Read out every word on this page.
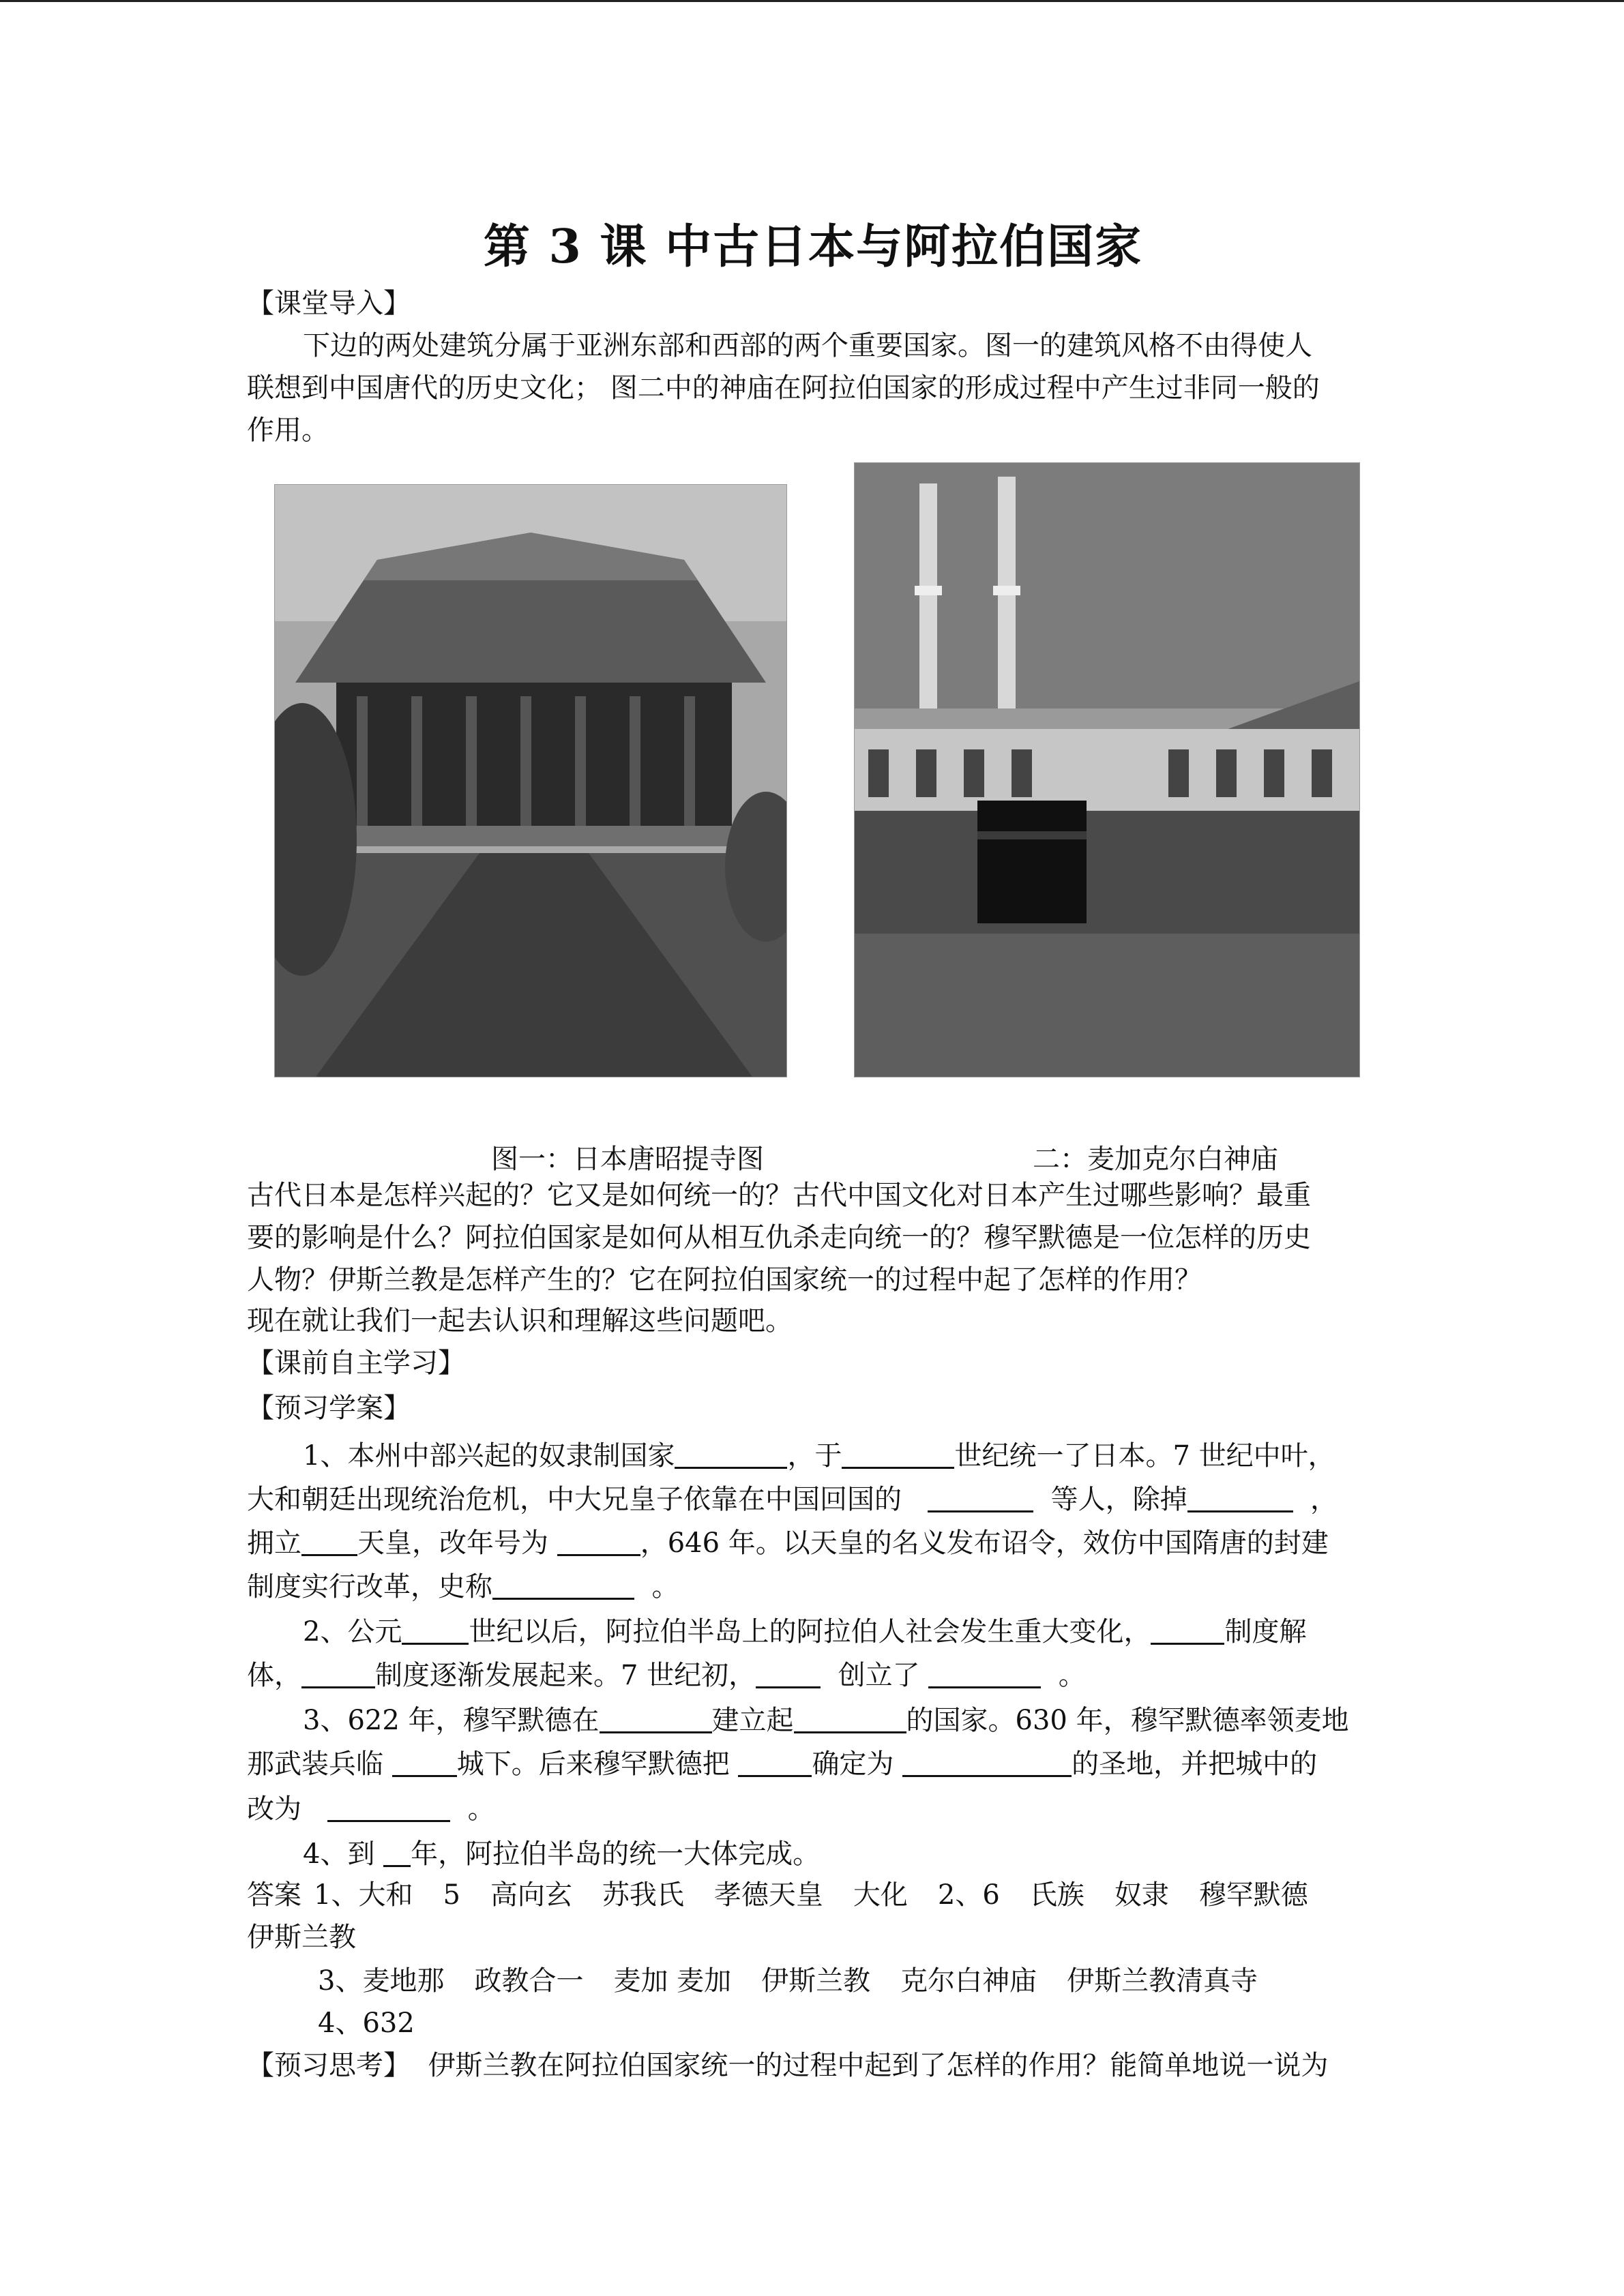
第 3 课 中古日本与阿拉伯国家
【课堂导入】
下边的两处建筑分属于亚洲东部和西部的两个重要国家。图一的建筑风格不由得使人
联想到中国唐代的历史文化； 图二中的神庙在阿拉伯国家的形成过程中产生过非同一般的
作用。
图一：日本唐昭提寺图	二：麦加克尔白神庙
古代日本是怎样兴起的？它又是如何统一的？古代中国文化对日本产生过哪些影响？最重
要的影响是什么？阿拉伯国家是如何从相互仇杀走向统一的？穆罕默德是一位怎样的历史
人物？伊斯兰教是怎样产生的？它在阿拉伯国家统一的过程中起了怎样的作用？
现在就让我们一起去认识和理解这些问题吧。
【课前自主学习】
【预习学案】
1、本州中部兴起的奴隶制国家	，于	世纪统一了日本。7 世纪中叶，
大和朝廷出现统治危机，中大兄皇子依靠在中国回国的	等人，除掉	，
拥立 天皇，改年号为	，646 年。以天皇的名义发布诏令，效仿中国隋唐的封建
制度实行改革，史称	。
2、公元 世纪以后，阿拉伯半岛上的阿拉伯人社会发生重大变化，	制度解
体，	制度逐渐发展起来。7 世纪初，	创立了	。
3、622 年，穆罕默德在	建立起	的国家。630 年，穆罕默德率领麦地
那武装兵临	城下。后来穆罕默德把	确定为	的圣地，并把城中的
改为	。
4、到 年，阿拉伯半岛的统一大体完成。
答案 1、大和 5 高向玄 苏我氏 孝德天皇 大化 2、6 氏族 奴隶 穆罕默德
伊斯兰教
3、麦地那 政教合一 麦加 麦加 伊斯兰教 克尔白神庙 伊斯兰教清真寺
4、632
【预习思考】 伊斯兰教在阿拉伯国家统一的过程中起到了怎样的作用？能简单地说一说为
